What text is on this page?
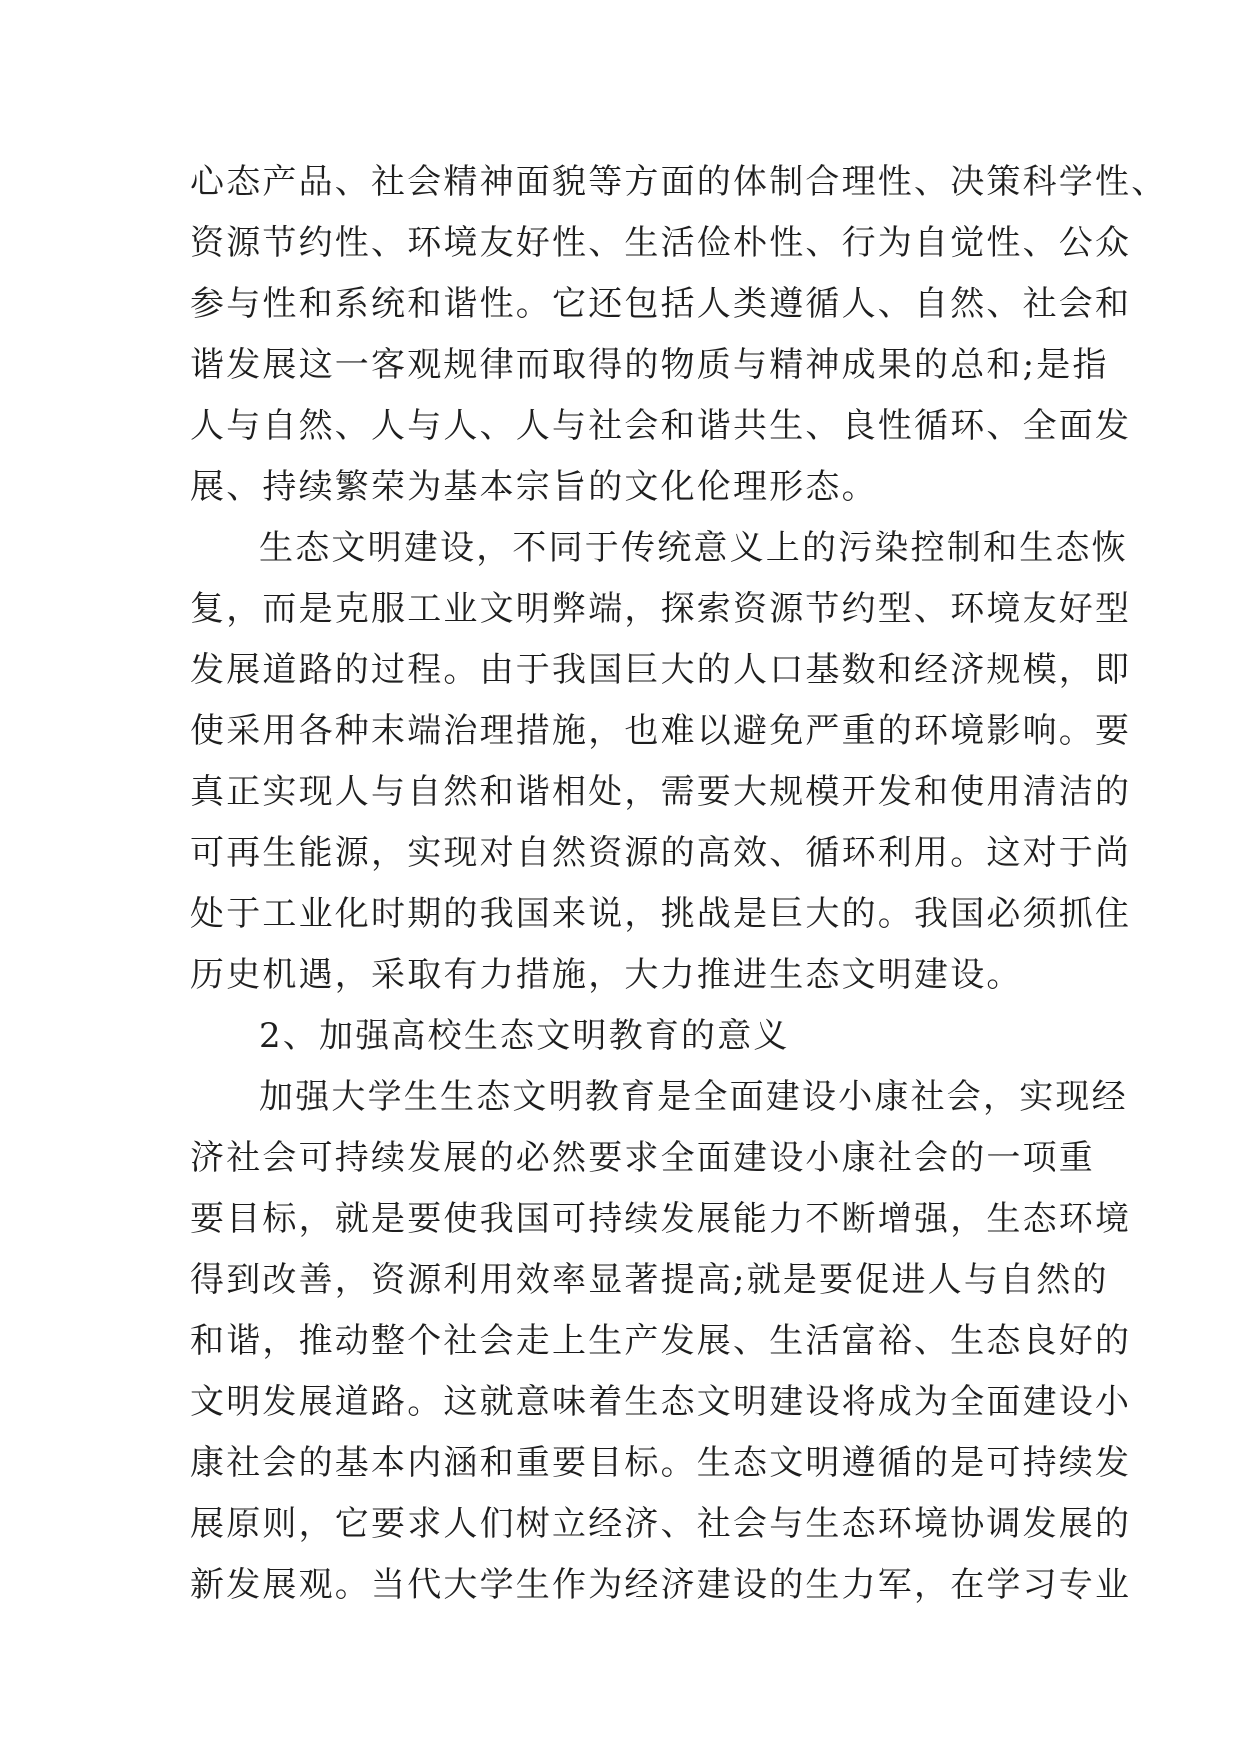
心态产品、社会精神面貌等方面的体制合理性、决策科学性、
资源节约性、环境友好性、生活俭朴性、行为自觉性、公众
参与性和系统和谐性。它还包括人类遵循人、自然、社会和
谐发展这一客观规律而取得的物质与精神成果的总和;是指
人与自然、人与人、人与社会和谐共生、良性循环、全面发
展、持续繁荣为基本宗旨的文化伦理形态。
生态文明建设，不同于传统意义上的污染控制和生态恢
复，而是克服工业文明弊端，探索资源节约型、环境友好型
发展道路的过程。由于我国巨大的人口基数和经济规模，即
使采用各种末端治理措施，也难以避免严重的环境影响。要
真正实现人与自然和谐相处，需要大规模开发和使用清洁的
可再生能源，实现对自然资源的高效、循环利用。这对于尚
处于工业化时期的我国来说，挑战是巨大的。我国必须抓住
历史机遇，采取有力措施，大力推进生态文明建设。
2、加强高校生态文明教育的意义
加强大学生生态文明教育是全面建设小康社会，实现经
济社会可持续发展的必然要求全面建设小康社会的一项重
要目标，就是要使我国可持续发展能力不断增强，生态环境
得到改善，资源利用效率显著提高;就是要促进人与自然的
和谐，推动整个社会走上生产发展、生活富裕、生态良好的
文明发展道路。这就意味着生态文明建设将成为全面建设小
康社会的基本内涵和重要目标。生态文明遵循的是可持续发
展原则，它要求人们树立经济、社会与生态环境协调发展的
新发展观。当代大学生作为经济建设的生力军，在学习专业
